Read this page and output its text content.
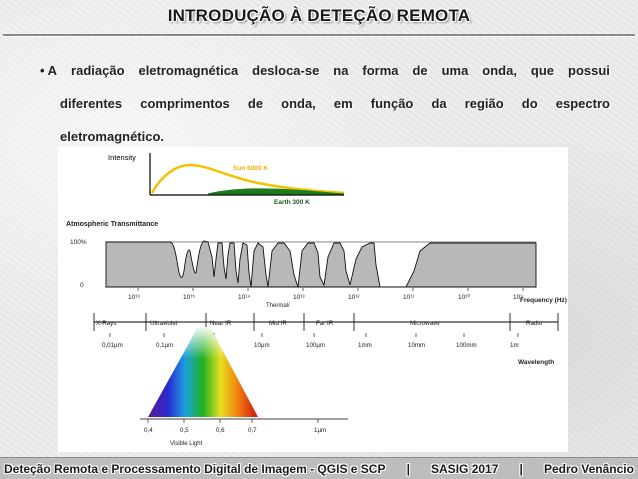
INTRODUÇÃO À DETEÇÃO REMOTA
• A radiação eletromagnética desloca-se na forma de uma onda, que possui
diferentes comprimentos de onda, em função da região do espectro
eletromagnético.
Intensity
Sun 6000 K
Earth 300 K
Atmospheric Transmittance
100%
0
10¹⁶	10¹⁵	10¹⁴	10¹³	10¹²	10¹¹	10¹⁰	10⁹
Frequency (Hz)
Thermal/
X-Rays	Ultraviolet	Near IR	Mid IR	Far IR	Microwave	Radio
0,01µm	0,1µm	10µm	100µm	1mm	10mm	100mm	1m
Wavelength
0,4	0,5	0,6	0,7	1µm
Visible Light
Deteção Remota e Processamento Digital de Imagem - QGIS e SCP	|	SASIG 2017	|	Pedro Venâncio
